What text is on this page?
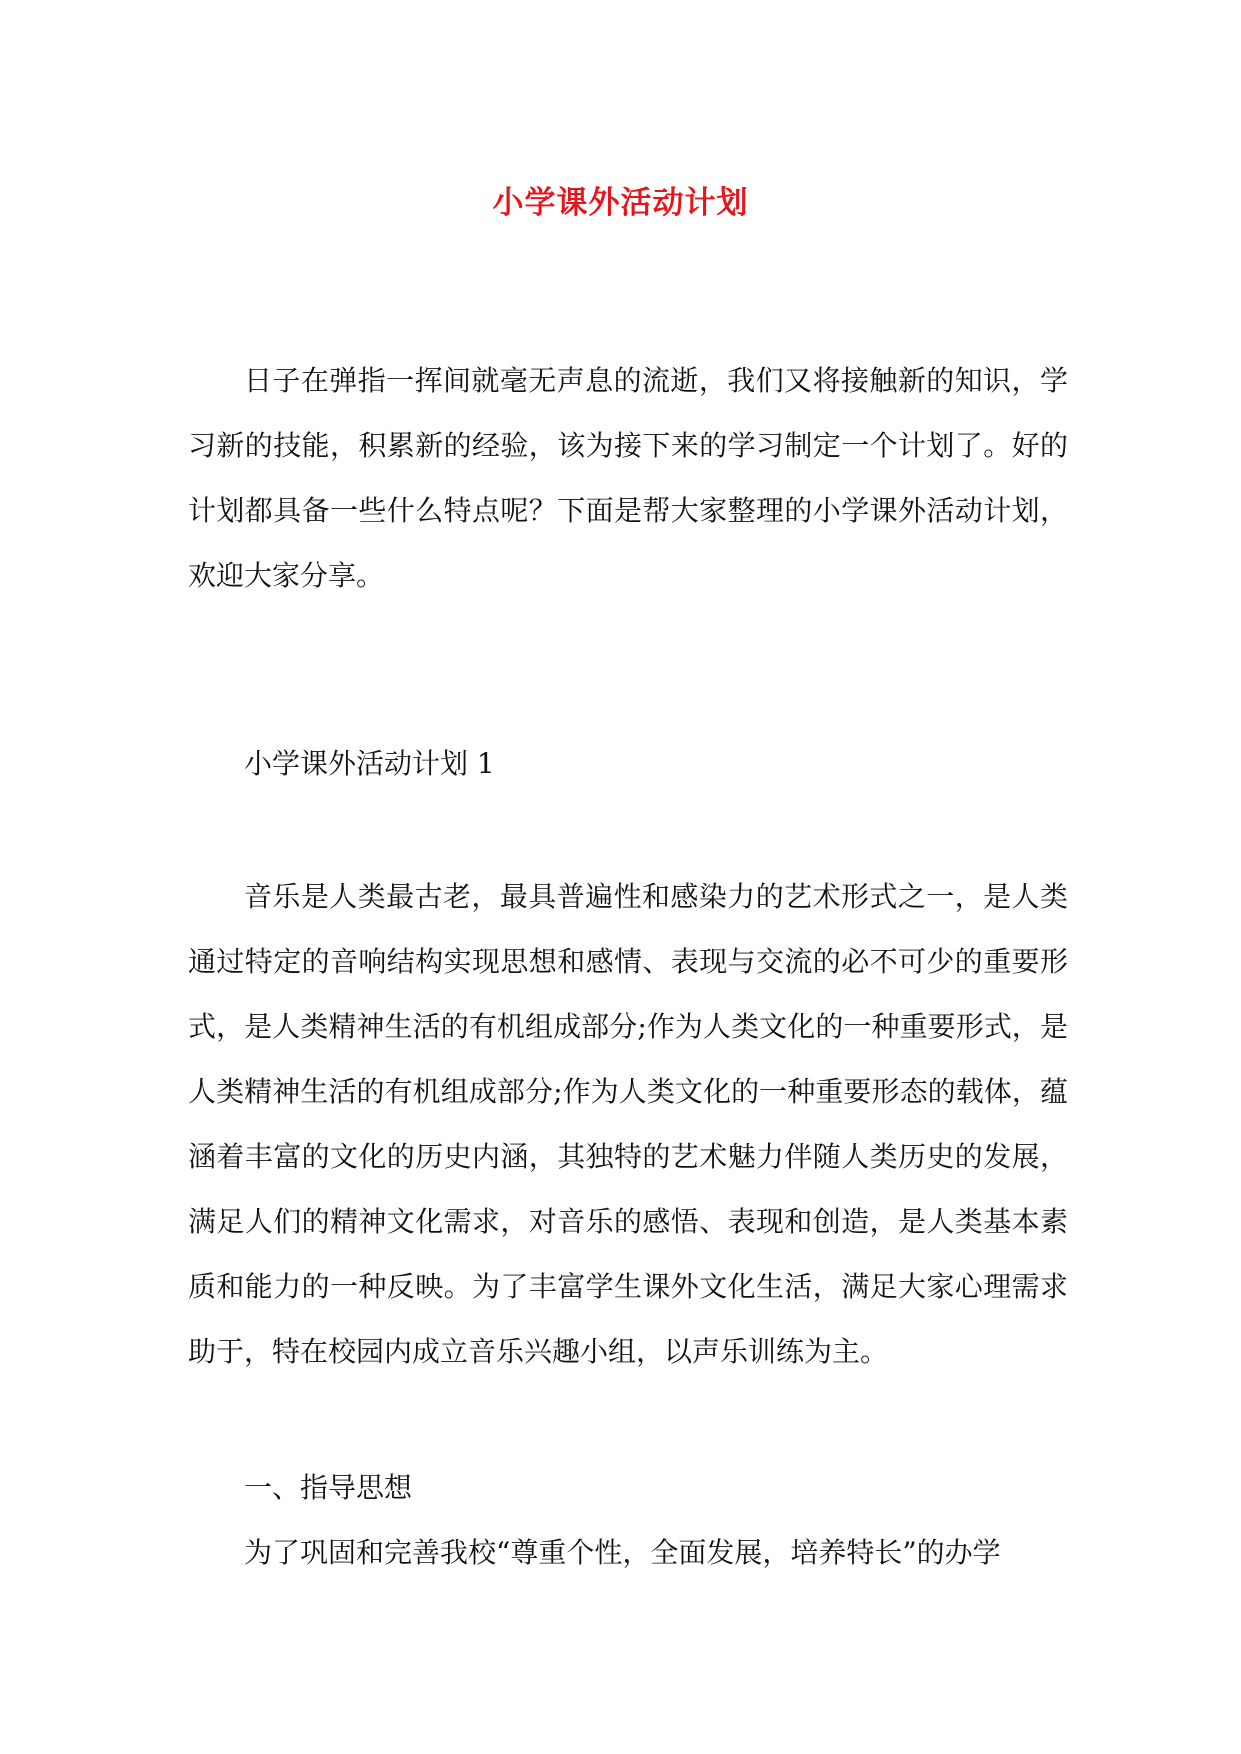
小学课外活动计划

日子在弹指一挥间就毫无声息的流逝，我们又将接触新的知识，学习新的技能，积累新的经验，该为接下来的学习制定一个计划了。好的计划都具备一些什么特点呢？下面是帮大家整理的小学课外活动计划，欢迎大家分享。

小学课外活动计划 1

音乐是人类最古老，最具普遍性和感染力的艺术形式之一，是人类通过特定的音响结构实现思想和感情、表现与交流的必不可少的重要形式，是人类精神生活的有机组成部分;作为人类文化的一种重要形式，是人类精神生活的有机组成部分;作为人类文化的一种重要形态的载体，蕴涵着丰富的文化的历史内涵，其独特的艺术魅力伴随人类历史的发展，满足人们的精神文化需求，对音乐的感悟、表现和创造，是人类基本素质和能力的一种反映。为了丰富学生课外文化生活，满足大家心理需求助于，特在校园内成立音乐兴趣小组，以声乐训练为主。

一、指导思想

为了巩固和完善我校“尊重个性，全面发展，培养特长”的办学
